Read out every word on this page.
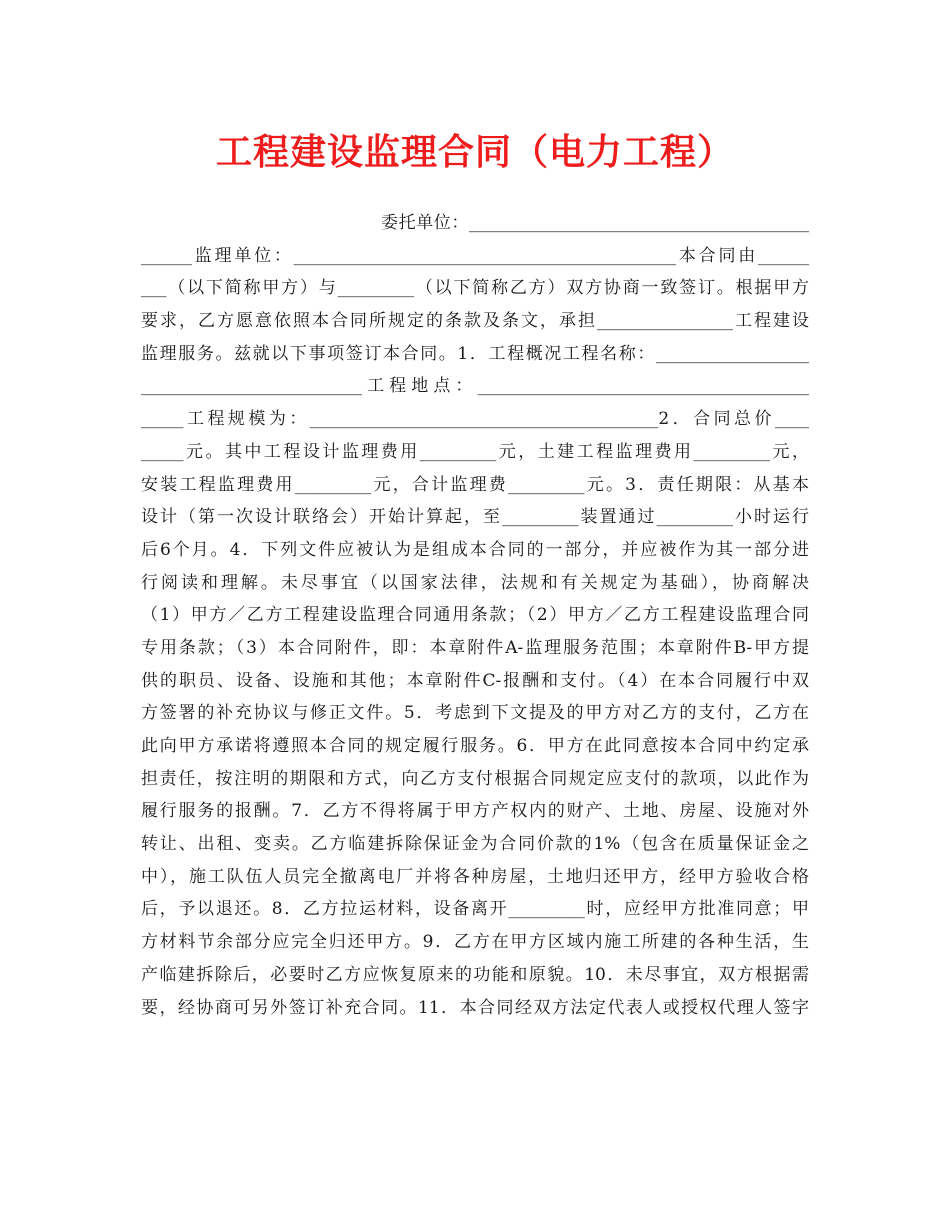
工程建设监理合同（电力工程）
委托单位：________________________________________
______监理单位：_____________________________________________本合同由______
___（以下简称甲方）与_________（以下简称乙方）双方协商一致签订。根据甲方
要求，乙方愿意依照本合同所规定的条款及条文，承担________________工程建设
监理服务。兹就以下事项签订本合同。1．工程概况工程名称：__________________
__________________________工程地点：_______________________________________
_____工程规模为：_________________________________________2．合同总价____
_____元。其中工程设计监理费用_________元，土建工程监理费用_________元，
安装工程监理费用_________元，合计监理费_________元。3．责任期限：从基本
设计（第一次设计联络会）开始计算起，至_________装置通过_________小时运行
后6个月。4．下列文件应被认为是组成本合同的一部分，并应被作为其一部分进
行阅读和理解。未尽事宜（以国家法律，法规和有关规定为基础），协商解决
（1）甲方／乙方工程建设监理合同通用条款；（2）甲方／乙方工程建设监理合同
专用条款；（3）本合同附件，即：本章附件A-监理服务范围；本章附件B-甲方提
供的职员、设备、设施和其他；本章附件C-报酬和支付。（4）在本合同履行中双
方签署的补充协议与修正文件。5．考虑到下文提及的甲方对乙方的支付，乙方在
此向甲方承诺将遵照本合同的规定履行服务。6．甲方在此同意按本合同中约定承
担责任，按注明的期限和方式，向乙方支付根据合同规定应支付的款项，以此作为
履行服务的报酬。7．乙方不得将属于甲方产权内的财产、土地、房屋、设施对外
转让、出租、变卖。乙方临建拆除保证金为合同价款的1%（包含在质量保证金之
中），施工队伍人员完全撤离电厂并将各种房屋，土地归还甲方，经甲方验收合格
后，予以退还。8．乙方拉运材料，设备离开_________时，应经甲方批准同意；甲
方材料节余部分应完全归还甲方。9．乙方在甲方区域内施工所建的各种生活，生
产临建拆除后，必要时乙方应恢复原来的功能和原貌。10．未尽事宜，双方根据需
要，经协商可另外签订补充合同。11．本合同经双方法定代表人或授权代理人签字
